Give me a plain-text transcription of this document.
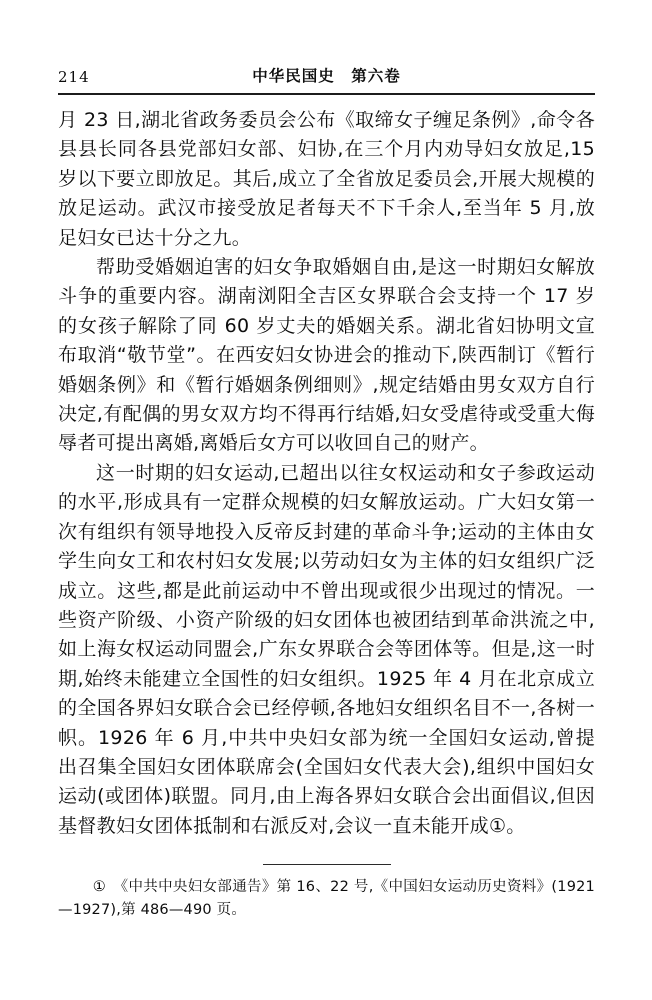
214	中华民国史　第六卷

月 23 日,湖北省政务委员会公布《取缔女子缠足条例》,命令各县县长同各县党部妇女部、妇协,在三个月内劝导妇女放足,15 岁以下要立即放足。其后,成立了全省放足委员会,开展大规模的放足运动。武汉市接受放足者每天不下千余人,至当年 5 月,放足妇女已达十分之九。

帮助受婚姻迫害的妇女争取婚姻自由,是这一时期妇女解放斗争的重要内容。湖南浏阳全吉区女界联合会支持一个 17 岁的女孩子解除了同 60 岁丈夫的婚姻关系。湖北省妇协明文宣布取消“敬节堂”。在西安妇女协进会的推动下,陕西制订《暂行婚姻条例》和《暂行婚姻条例细则》,规定结婚由男女双方自行决定,有配偶的男女双方均不得再行结婚,妇女受虐待或受重大侮辱者可提出离婚,离婚后女方可以收回自己的财产。

这一时期的妇女运动,已超出以往女权运动和女子参政运动的水平,形成具有一定群众规模的妇女解放运动。广大妇女第一次有组织有领导地投入反帝反封建的革命斗争;运动的主体由女学生向女工和农村妇女发展;以劳动妇女为主体的妇女组织广泛成立。这些,都是此前运动中不曾出现或很少出现过的情况。一些资产阶级、小资产阶级的妇女团体也被团结到革命洪流之中,如上海女权运动同盟会,广东女界联合会等团体等。但是,这一时期,始终未能建立全国性的妇女组织。1925 年 4 月在北京成立的全国各界妇女联合会已经停顿,各地妇女组织名目不一,各树一帜。1926 年 6 月,中共中央妇女部为统一全国妇女运动,曾提出召集全国妇女团体联席会(全国妇女代表大会),组织中国妇女运动(或团体)联盟。同月,由上海各界妇女联合会出面倡议,但因基督教妇女团体抵制和右派反对,会议一直未能开成①。

①　《中共中央妇女部通告》第 16、22 号,《中国妇女运动历史资料》(1921—1927),第 486—490 页。
